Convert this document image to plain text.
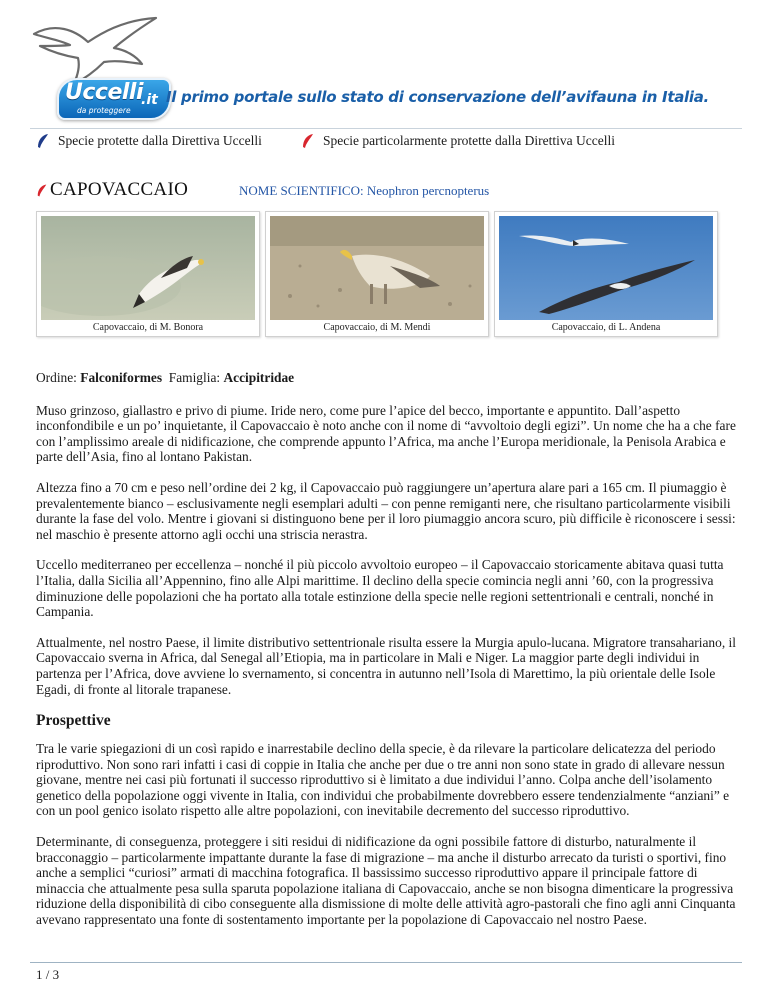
Uccelli
.it
da proteggere
Il primo portale sullo stato di conservazione dell’avifauna in Italia.
Specie protette dalla Direttiva Uccelli	Specie particolarmente protette dalla Direttiva Uccelli
CAPOVACCAIO	NOME SCIENTIFICO: Neophron percnopterus
Capovaccaio, di M. Bonora	Capovaccaio, di M. Mendi	Capovaccaio, di L. Andena

Ordine: Falconiformes Famiglia: Accipitridae

Muso grinzoso, giallastro e privo di piume. Iride nero, come pure l’apice del becco, importante e appuntito. Dall’aspetto inconfondibile e un po’ inquietante, il Capovaccaio è noto anche con il nome di “avvoltoio degli egizi”. Un nome che ha a che fare con l’amplissimo areale di nidificazione, che comprende appunto l’Africa, ma anche l’Europa meridionale, la Penisola Arabica e parte dell’Asia, fino al lontano Pakistan.

Altezza fino a 70 cm e peso nell’ordine dei 2 kg, il Capovaccaio può raggiungere un’apertura alare pari a 165 cm. Il piumaggio è prevalentemente bianco – esclusivamente negli esemplari adulti – con penne remiganti nere, che risultano particolarmente visibili durante la fase del volo. Mentre i giovani si distinguono bene per il loro piumaggio ancora scuro, più difficile è riconoscere i sessi: nel maschio è presente attorno agli occhi una striscia nerastra.

Uccello mediterraneo per eccellenza – nonché il più piccolo avvoltoio europeo – il Capovaccaio storicamente abitava quasi tutta l’Italia, dalla Sicilia all’Appennino, fino alle Alpi marittime. Il declino della specie comincia negli anni ’60, con la progressiva diminuzione delle popolazioni che ha portato alla totale estinzione della specie nelle regioni settentrionali e centrali, nonché in Campania.

Attualmente, nel nostro Paese, il limite distributivo settentrionale risulta essere la Murgia apulo-lucana. Migratore transahariano, il Capovaccaio sverna in Africa, dal Senegal all’Etiopia, ma in particolare in Mali e Niger. La maggior parte degli individui in partenza per l’Africa, dove avviene lo svernamento, si concentra in autunno nell’Isola di Marettimo, la più orientale delle Isole Egadi, di fronte al litorale trapanese.

Prospettive

Tra le varie spiegazioni di un così rapido e inarrestabile declino della specie, è da rilevare la particolare delicatezza del periodo riproduttivo. Non sono rari infatti i casi di coppie in Italia che anche per due o tre anni non sono state in grado di allevare nessun giovane, mentre nei casi più fortunati il successo riproduttivo si è limitato a due individui l’anno. Colpa anche dell’isolamento genetico della popolazione oggi vivente in Italia, con individui che probabilmente dovrebbero essere tendenzialmente “anziani” e con un pool genico isolato rispetto alle altre popolazioni, con inevitabile decremento del successo riproduttivo.

Determinante, di conseguenza, proteggere i siti residui di nidificazione da ogni possibile fattore di disturbo, naturalmente il bracconaggio – particolarmente impattante durante la fase di migrazione – ma anche il disturbo arrecato da turisti o sportivi, fino anche a semplici “curiosi” armati di macchina fotografica. Il bassissimo successo riproduttivo appare il principale fattore di minaccia che attualmente pesa sulla sparuta popolazione italiana di Capovaccaio, anche se non bisogna dimenticare la progressiva riduzione della disponibilità di cibo conseguente alla dismissione di molte delle attività agro-pastorali che fino agli anni Cinquanta avevano rappresentato una fonte di sostentamento importante per la popolazione di Capovaccaio nel nostro Paese.

1 / 3
